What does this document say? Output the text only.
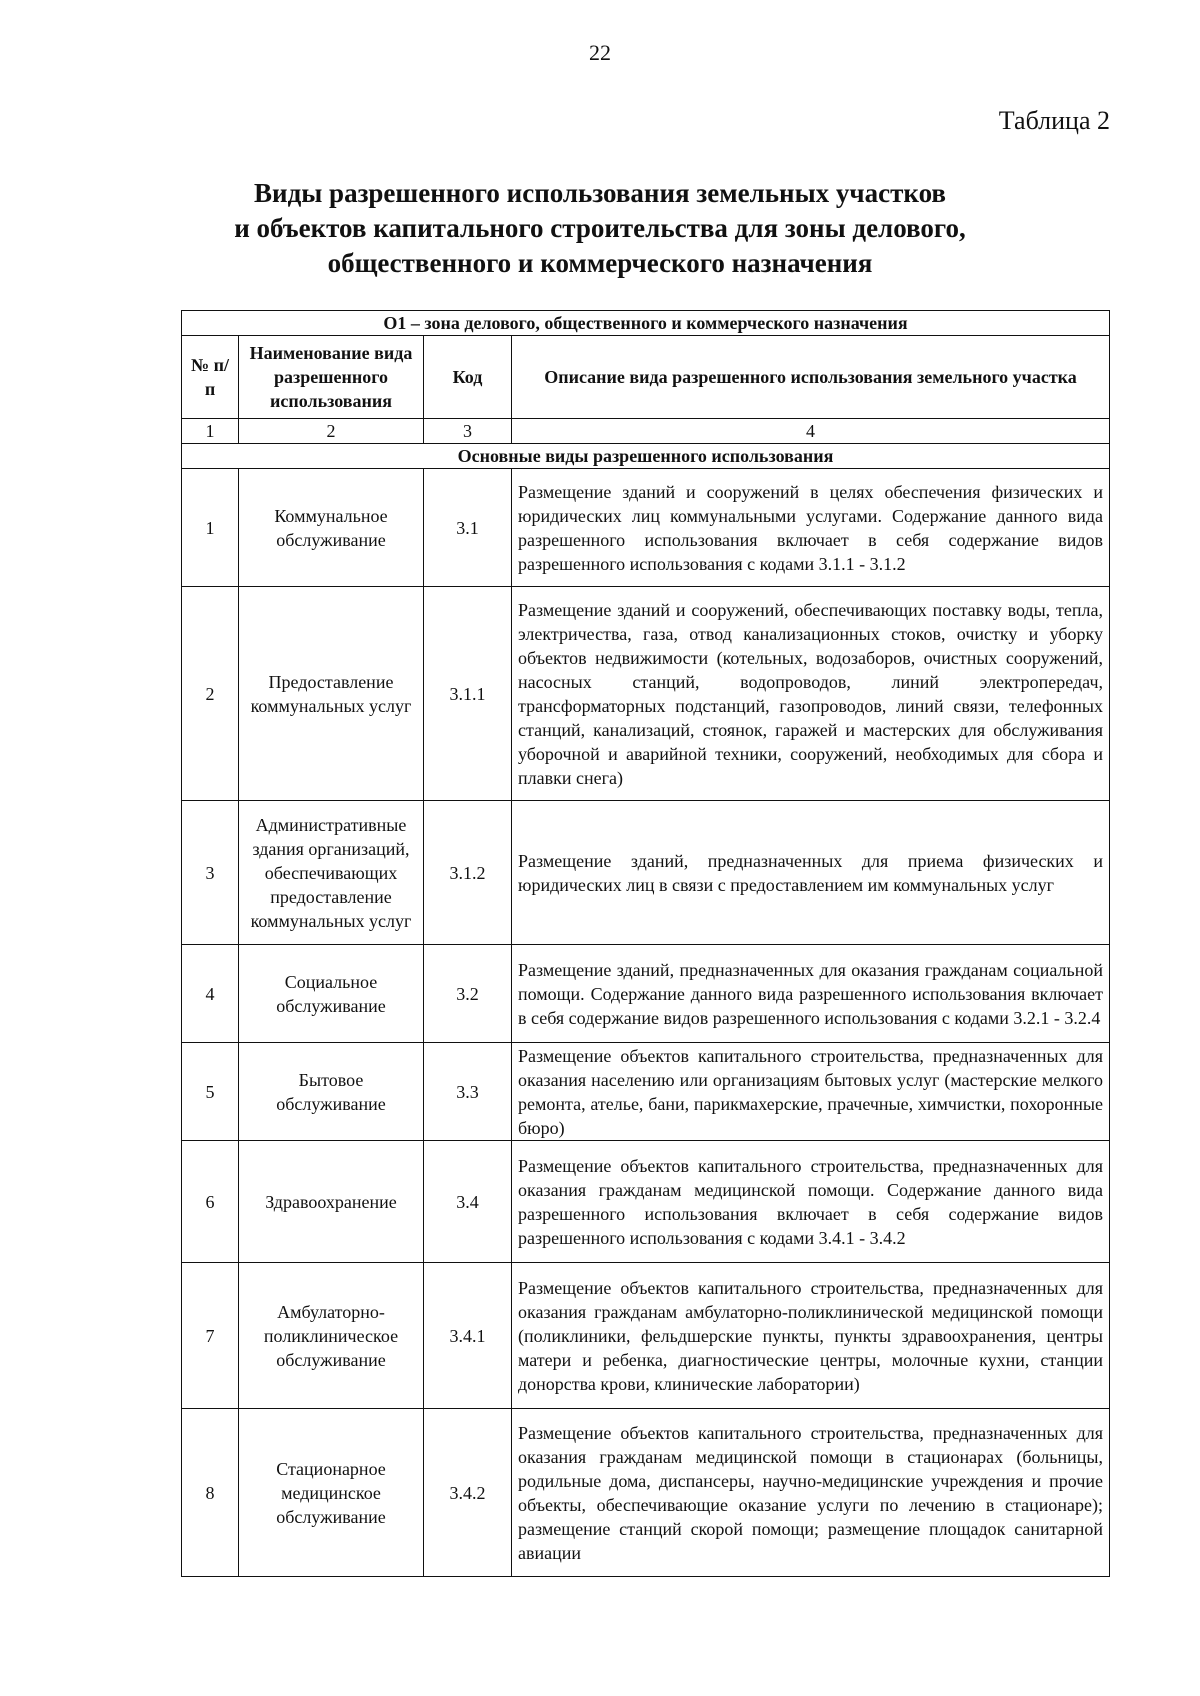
22
Таблица 2
Виды разрешенного использования земельных участков
и объектов капитального строительства для зоны делового,
общественного и коммерческого назначения
О1 – зона делового, общественного и коммерческого назначения			
№ п/п	Наименование вида разрешенного использования	Код	Описание вида разрешенного использования земельного участка
1	2	3	4
Основные виды разрешенного использования			
1	Коммунальное обслуживание	3.1	Размещение зданий и сооружений в целях обеспечения физических и юридических лиц коммунальными услугами. Содержание данного вида разрешенного использования включает в себя содержание видов разрешенного использования с кодами 3.1.1 - 3.1.2
2	Предоставление коммунальных услуг	3.1.1	Размещение зданий и сооружений, обеспечивающих поставку воды, тепла, электричества, газа, отвод канализационных стоков, очистку и уборку объектов недвижимости (котельных, водозаборов, очистных сооружений, насосных станций, водопроводов, линий электропередач, трансформаторных подстанций, газопроводов, линий связи, телефонных станций, канализаций, стоянок, гаражей и мастерских для обслуживания уборочной и аварийной техники, сооружений, необходимых для сбора и плавки снега)
3	Административные здания организаций, обеспечивающих предоставление коммунальных услуг	3.1.2	Размещение зданий, предназначенных для приема физических и юридических лиц в связи с предоставлением им коммунальных услуг
4	Социальное обслуживание	3.2	Размещение зданий, предназначенных для оказания гражданам социальной помощи. Содержание данного вида разрешенного использования включает в себя содержание видов разрешенного использования с кодами 3.2.1 - 3.2.4
5	Бытовое обслуживание	3.3	Размещение объектов капитального строительства, предназначенных для оказания населению или организациям бытовых услуг (мастерские мелкого ремонта, ателье, бани, парикмахерские, прачечные, химчистки, похоронные бюро)
6	Здравоохранение	3.4	Размещение объектов капитального строительства, предназначенных для оказания гражданам медицинской помощи. Содержание данного вида разрешенного использования включает в себя содержание видов разрешенного использования с кодами 3.4.1 - 3.4.2
7	Амбулаторно-поликлиническое обслуживание	3.4.1	Размещение объектов капитального строительства, предназначенных для оказания гражданам амбулаторно-поликлинической медицинской помощи (поликлиники, фельдшерские пункты, пункты здравоохранения, центры матери и ребенка, диагностические центры, молочные кухни, станции донорства крови, клинические лаборатории)
8	Стационарное медицинское обслуживание	3.4.2	Размещение объектов капитального строительства, предназначенных для оказания гражданам медицинской помощи в стационарах (больницы, родильные дома, диспансеры, научно-медицинские учреждения и прочие объекты, обеспечивающие оказание услуги по лечению в стационаре); размещение станций скорой помощи; размещение площадок санитарной авиации
